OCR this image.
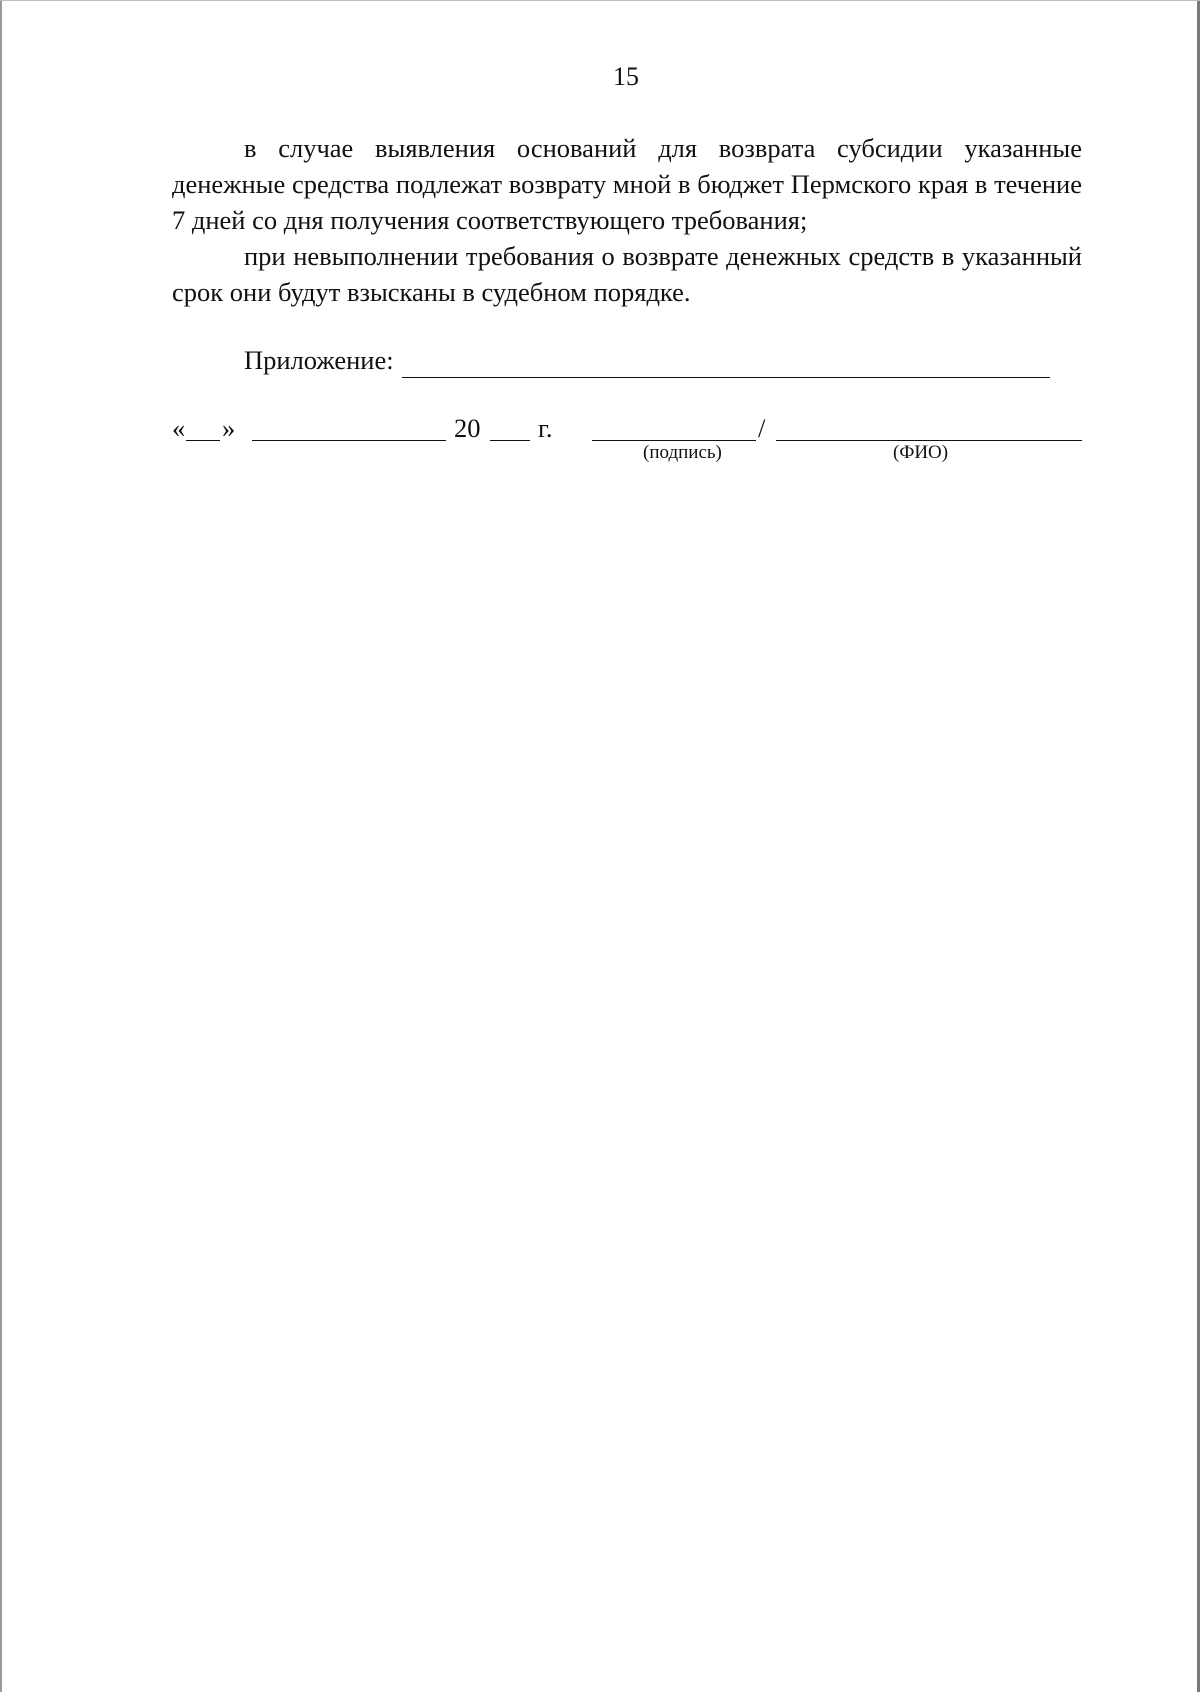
15

в случае выявления оснований для возврата субсидии указанные денежные средства подлежат возврату мной в бюджет Пермского края в течение 7 дней со дня получения соответствующего требования;

при невыполнении требования о возврате денежных средств в указанный срок они будут взысканы в судебном порядке.

Приложение:
« »	20 г.	/
(подпись)	(ФИО)
